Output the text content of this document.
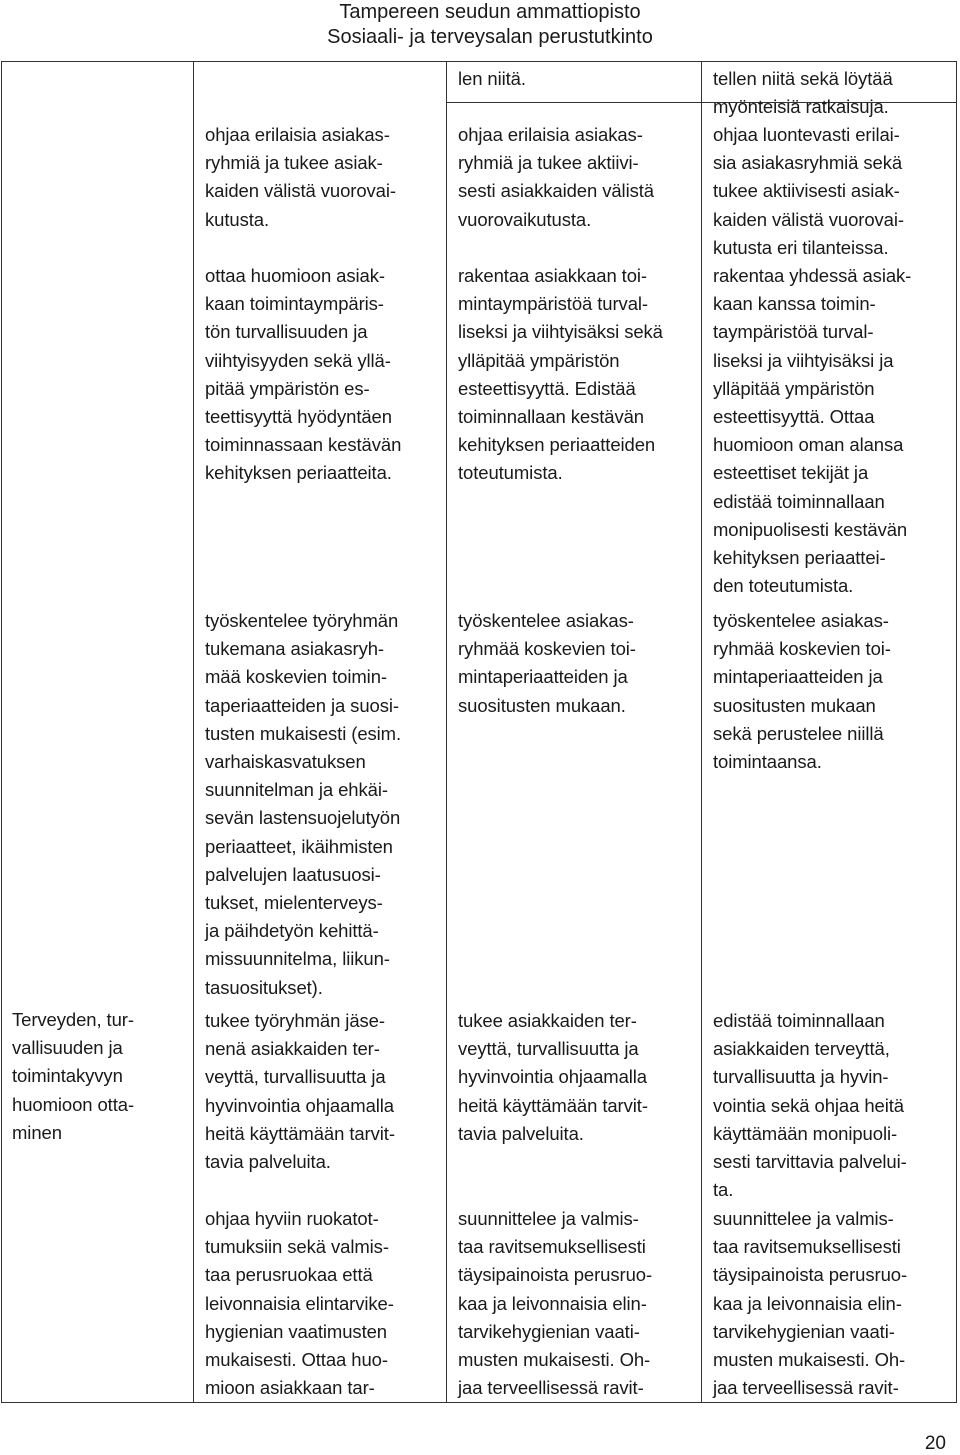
Tampereen seudun ammattiopisto
Sosiaali- ja terveysalan perustutkinto
Terveyden, tur-
vallisuuden ja
toimintakyvyn
huomioon otta-
minen
ohjaa erilaisia asiakas-
ryhmiä ja tukee asiak-
kaiden välistä vuorovai-
kutusta.
ottaa huomioon asiak-
kaan toimintaympäris-
tön turvallisuuden ja
viihtyisyyden sekä yllä-
pitää ympäristön es-
teettisyyttä hyödyntäen
toiminnassaan kestävän
kehityksen periaatteita.
työskentelee työryhmän
tukemana asiakasryh-
mää koskevien toimin-
taperiaatteiden ja suosi-
tusten mukaisesti (esim.
varhaiskasvatuksen
suunnitelman ja ehkäi-
sevän lastensuojelutyön
periaatteet, ikäihmisten
palvelujen laatusuosi-
tukset, mielenterveys-
ja päihdetyön kehittä-
missuunnitelma, liikun-
tasuositukset).
tukee työryhmän jäse-
nenä asiakkaiden ter-
veyttä, turvallisuutta ja
hyvinvointia ohjaamalla
heitä käyttämään tarvit-
tavia palveluita.
ohjaa hyviin ruokatot-
tumuksiin sekä valmis-
taa perusruokaa että
leivonnaisia elintarvike-
hygienian vaatimusten
mukaisesti. Ottaa huo-
mioon asiakkaan tar-
len niitä.
ohjaa erilaisia asiakas-
ryhmiä ja tukee aktiivi-
sesti asiakkaiden välistä
vuorovaikutusta.
rakentaa asiakkaan toi-
mintaympäristöä turval-
liseksi ja viihtyisäksi sekä
ylläpitää ympäristön
esteettisyyttä. Edistää
toiminnallaan kestävän
kehityksen periaatteiden
toteutumista.
työskentelee asiakas-
ryhmää koskevien toi-
mintaperiaatteiden ja
suositusten mukaan.
tukee asiakkaiden ter-
veyttä, turvallisuutta ja
hyvinvointia ohjaamalla
heitä käyttämään tarvit-
tavia palveluita.
suunnittelee ja valmis-
taa ravitsemuksellisesti
täysipainoista perusruo-
kaa ja leivonnaisia elin-
tarvikehygienian vaati-
musten mukaisesti. Oh-
jaa terveellisessä ravit-
tellen niitä sekä löytää
myönteisiä ratkaisuja.
ohjaa luontevasti erilai-
sia asiakasryhmiä sekä
tukee aktiivisesti asiak-
kaiden välistä vuorovai-
kutusta eri tilanteissa.
rakentaa yhdessä asiak-
kaan kanssa toimin-
taympäristöä turval-
liseksi ja viihtyisäksi ja
ylläpitää ympäristön
esteettisyyttä. Ottaa
huomioon oman alansa
esteettiset tekijät ja
edistää toiminnallaan
monipuolisesti kestävän
kehityksen periaattei-
den toteutumista.
työskentelee asiakas-
ryhmää koskevien toi-
mintaperiaatteiden ja
suositusten mukaan
sekä perustelee niillä
toimintaansa.
edistää toiminnallaan
asiakkaiden terveyttä,
turvallisuutta ja hyvin-
vointia sekä ohjaa heitä
käyttämään monipuoli-
sesti tarvittavia palvelui-
ta.
suunnittelee ja valmis-
taa ravitsemuksellisesti
täysipainoista perusruo-
kaa ja leivonnaisia elin-
tarvikehygienian vaati-
musten mukaisesti. Oh-
jaa terveellisessä ravit-
20
